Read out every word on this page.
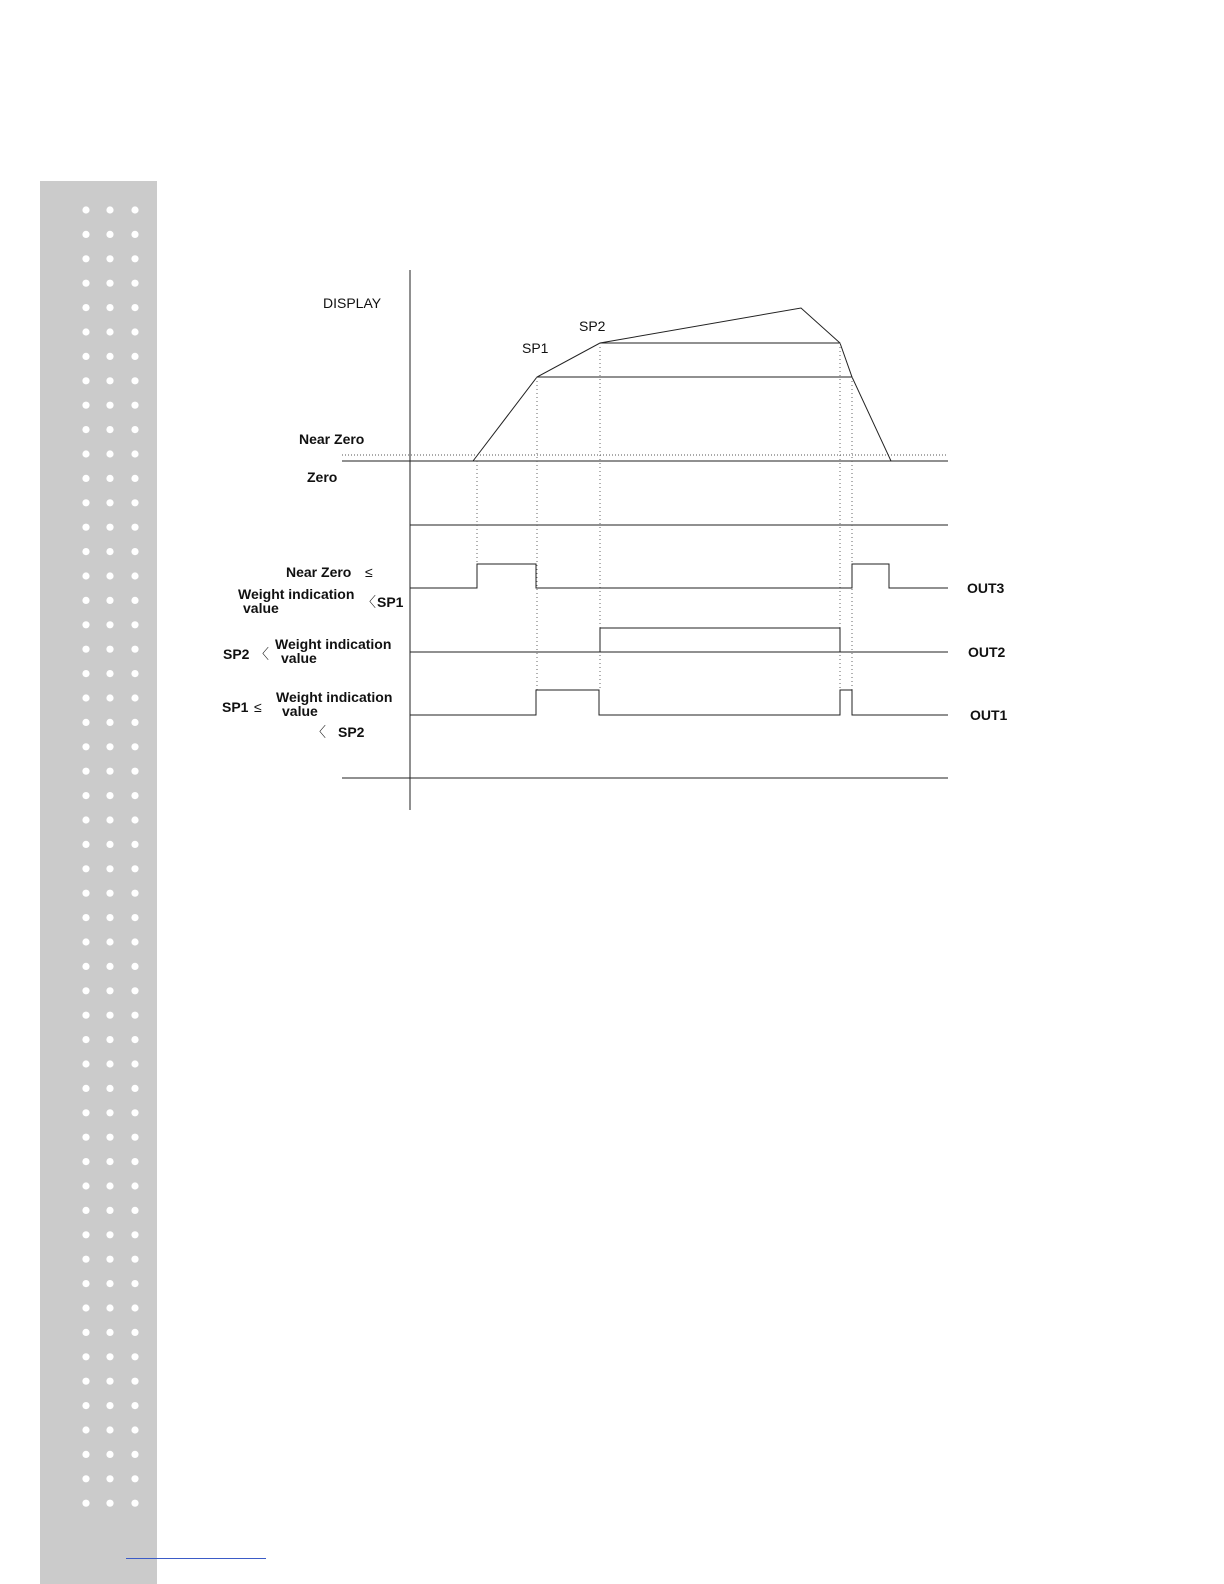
DISPLAY
SP2
SP1
Near Zero
Zero
Near Zero ≤
Weight indication
value	〈 SP1
SP2 〈
Weight indication
value
SP1 ≤
Weight indication
value
〈 SP2
OUT3
OUT2
OUT1
